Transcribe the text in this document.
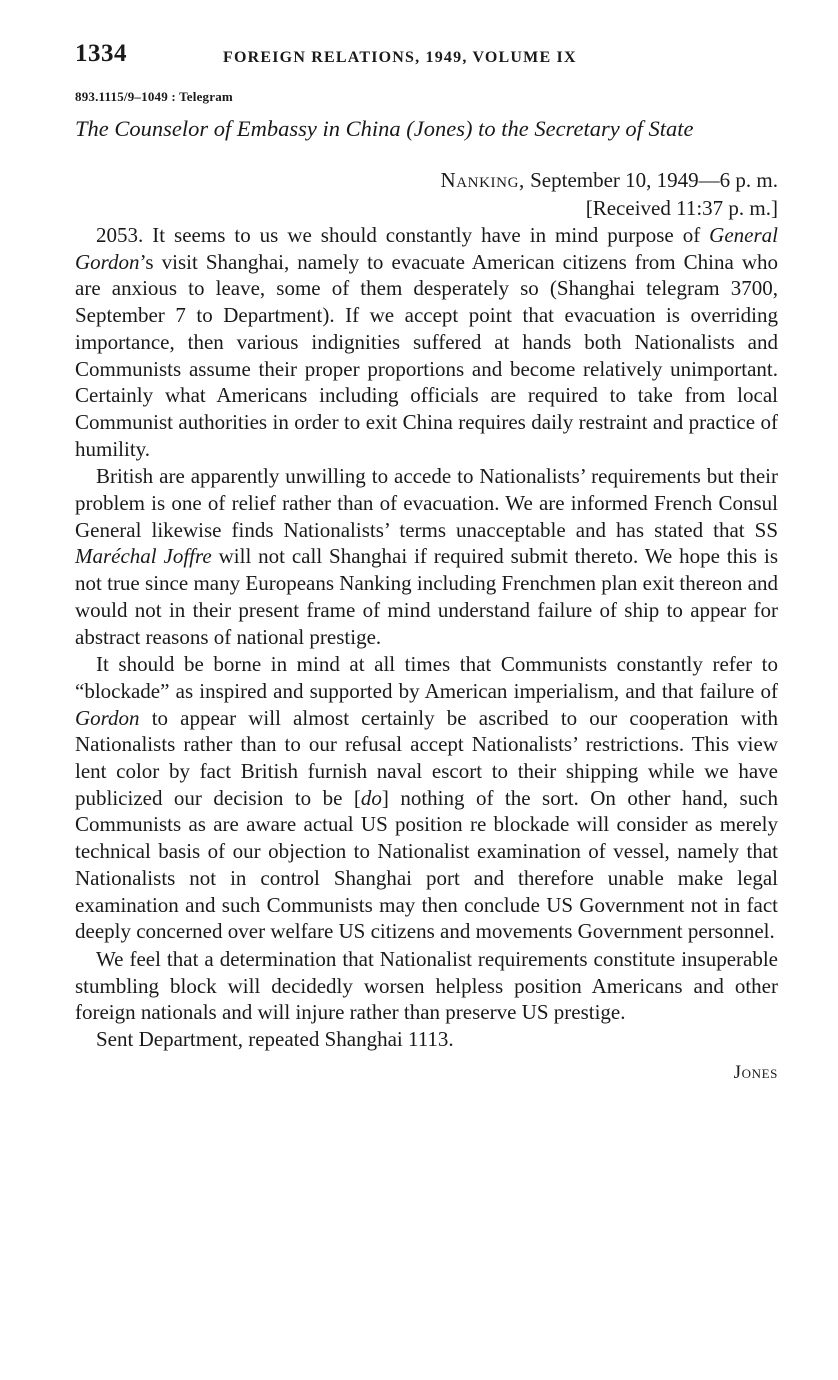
1334	FOREIGN RELATIONS, 1949, VOLUME IX
893.1115/9–1049 : Telegram
The Counselor of Embassy in China (Jones) to the Secretary of State
Nanking, September 10, 1949—6 p. m.
[Received 11:37 p. m.]

2053. It seems to us we should constantly have in mind purpose of General Gordon’s visit Shanghai, namely to evacuate American citizens from China who are anxious to leave, some of them desperately so (Shanghai telegram 3700, September 7 to Department). If we accept point that evacuation is overriding importance, then various indignities suffered at hands both Nationalists and Communists assume their proper proportions and become relatively unimportant. Certainly what Americans including officials are required to take from local Communist authorities in order to exit China requires daily restraint and practice of humility.

British are apparently unwilling to accede to Nationalists’ requirements but their problem is one of relief rather than of evacuation. We are informed French Consul General likewise finds Nationalists’ terms unacceptable and has stated that SS Maréchal Joffre will not call Shanghai if required submit thereto. We hope this is not true since many Europeans Nanking including Frenchmen plan exit thereon and would not in their present frame of mind understand failure of ship to appear for abstract reasons of national prestige.

It should be borne in mind at all times that Communists constantly refer to “blockade” as inspired and supported by American imperialism, and that failure of Gordon to appear will almost certainly be ascribed to our cooperation with Nationalists rather than to our refusal accept Nationalists’ restrictions. This view lent color by fact British furnish naval escort to their shipping while we have publicized our decision to be [do] nothing of the sort. On other hand, such Communists as are aware actual US position re blockade will consider as merely technical basis of our objection to Nationalist examination of vessel, namely that Nationalists not in control Shanghai port and therefore unable make legal examination and such Communists may then conclude US Government not in fact deeply concerned over welfare US citizens and movements Government personnel.

We feel that a determination that Nationalist requirements constitute insuperable stumbling block will decidedly worsen helpless position Americans and other foreign nationals and will injure rather than preserve US prestige.

Sent Department, repeated Shanghai 1113.

Jones
